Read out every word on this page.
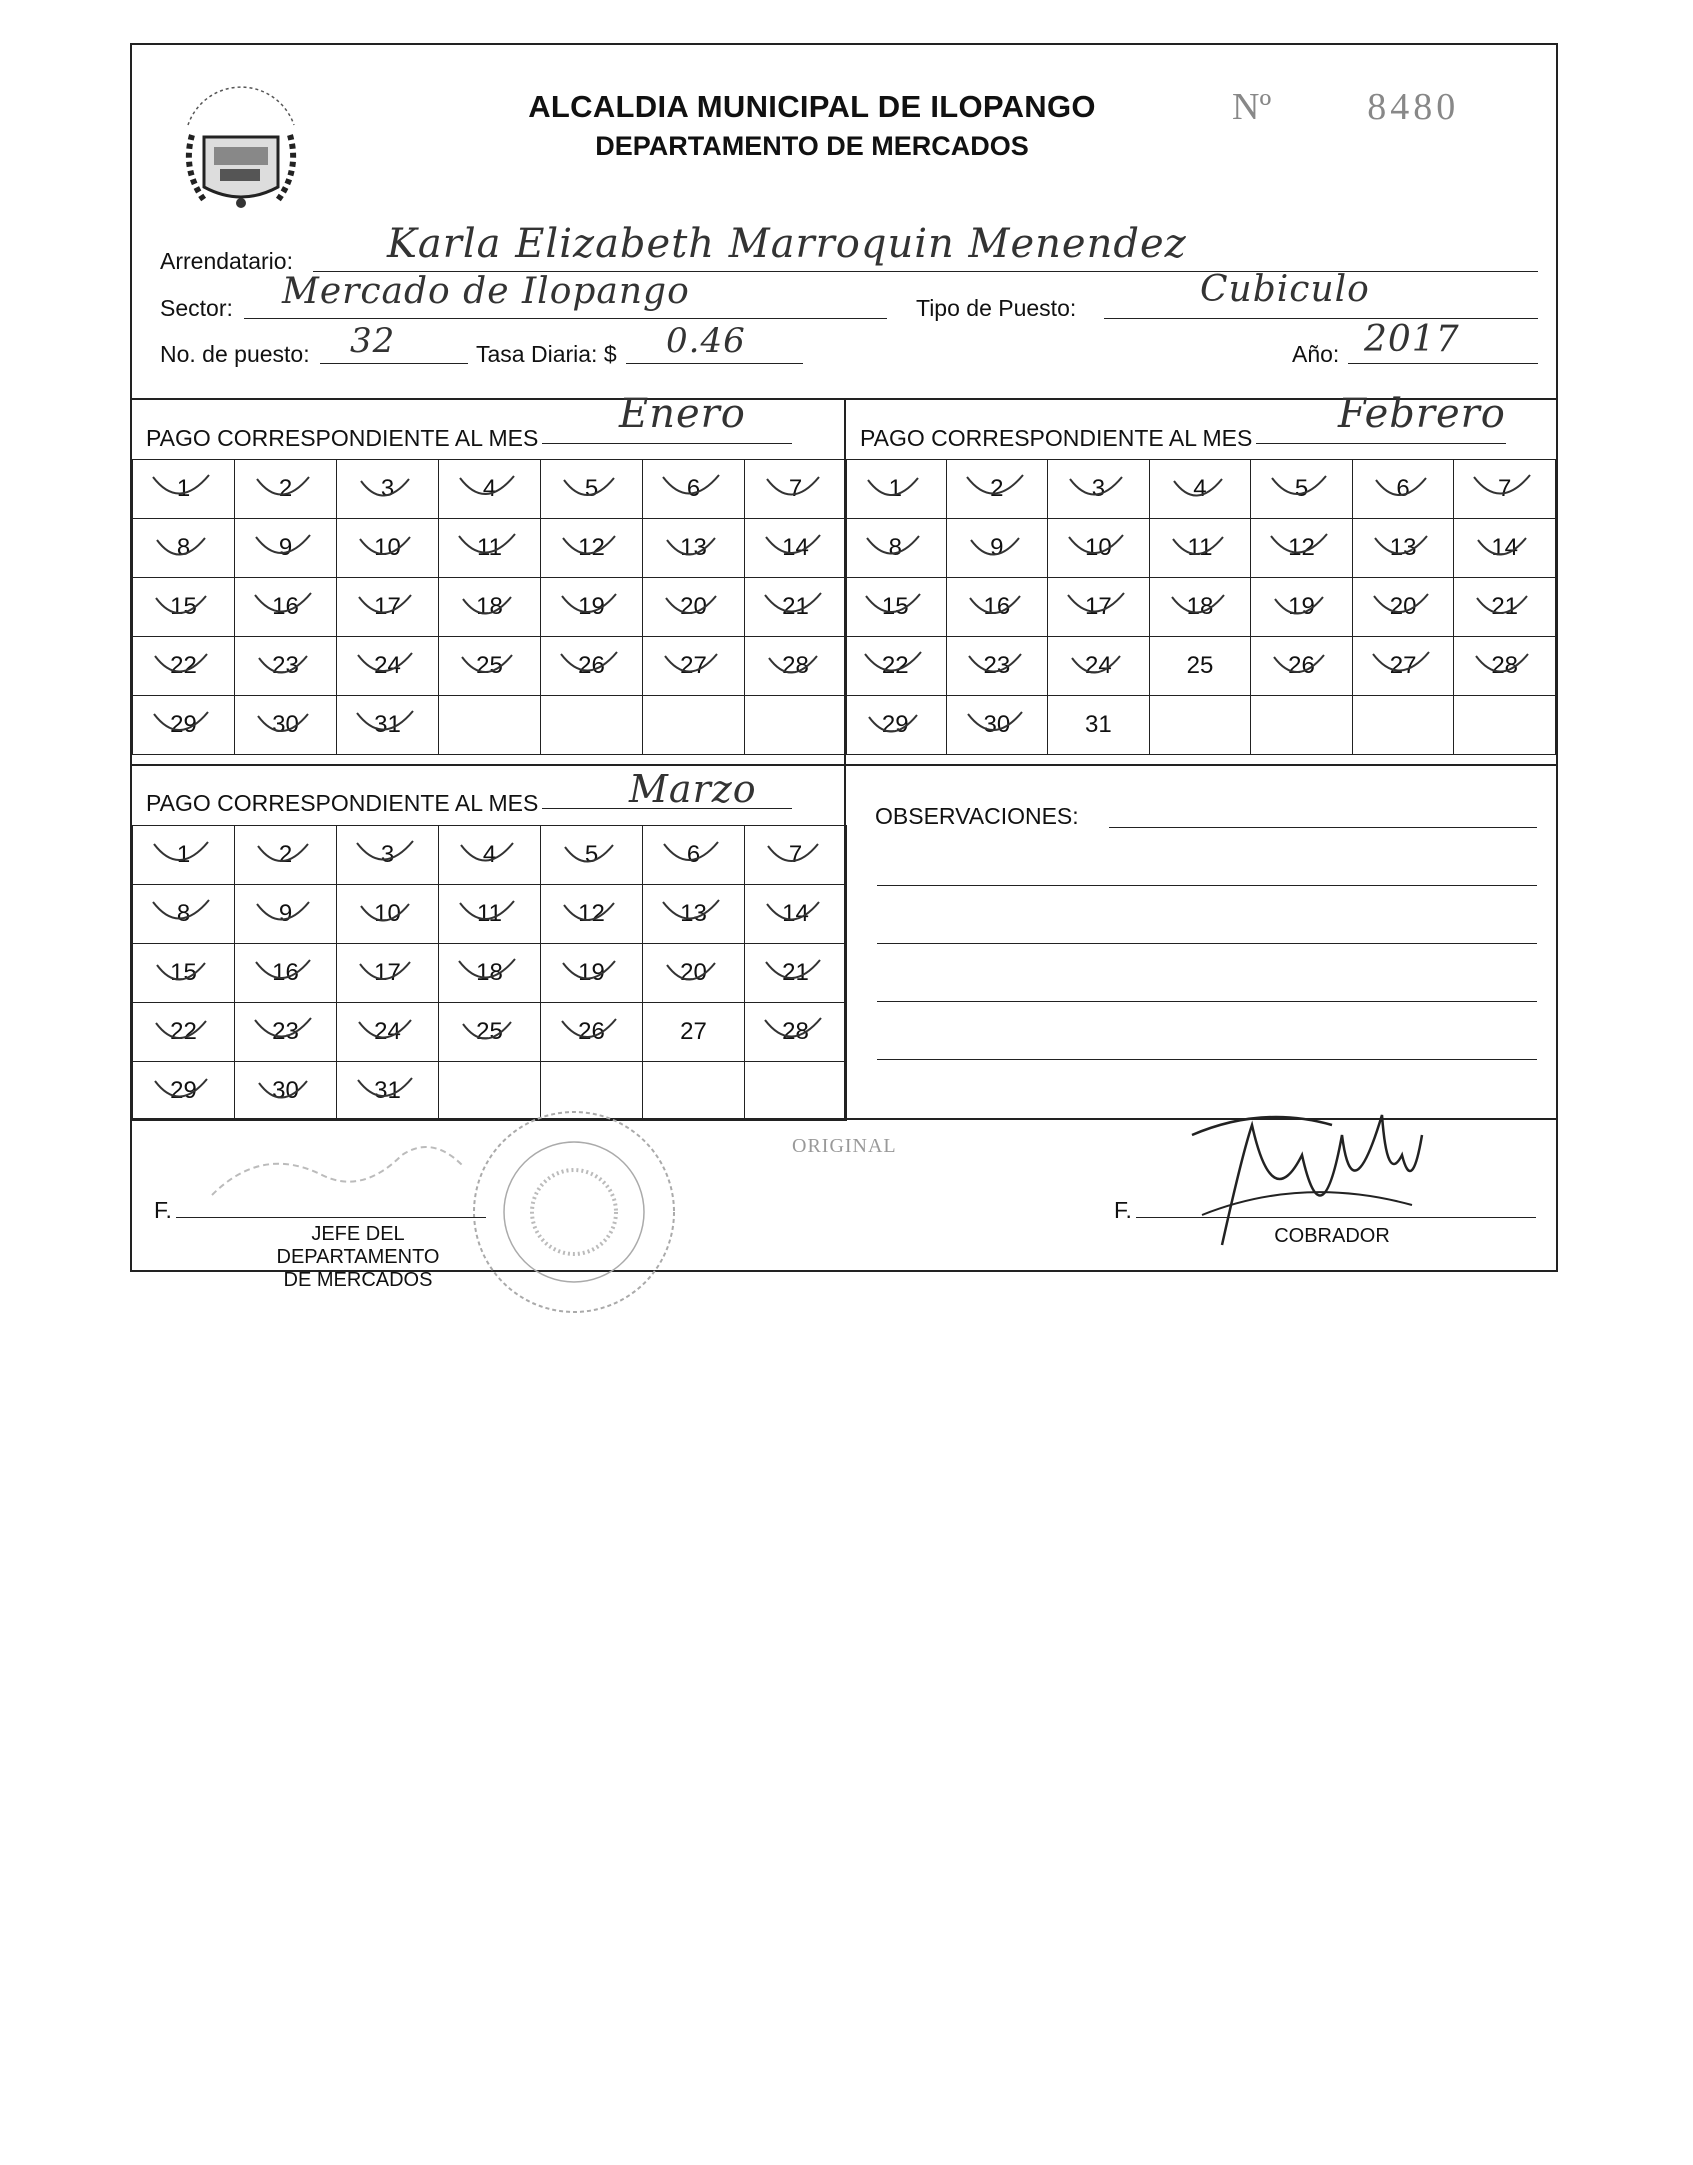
ALCALDIA MUNICIPAL DE ILOPANGO
DEPARTAMENTO DE MERCADOS
Nº	8480
Arrendatario: Karla Elizabeth Marroquin Menendez
Sector: Mercado de Ilopango	Tipo de Puesto:	Cubiculo
No. de puesto: 32	Tasa Diaria: $ 0.46	Año: 2017
PAGO CORRESPONDIENTE AL MES
Enero
PAGO CORRESPONDIENTE AL MES
Febrero
PAGO CORRESPONDIENTE AL MES	Marzo
1	2	3	4	5	6	7

8	9	10	11	12	13	14

15	16	17	18	19	20	21

22	23	24	25	26	27	28

29	30	31

1	2	3	4	5	6	7

8	9	10	11	12	13	14

15	16	17	18	19	20	21

22	23	24	25	26	27	28

29	30	31				
1	2	3	4	5	6	7

8	9	10	11	12	13	14

15	16	17	18	19	20	21

22	23	24	25	26	27	28

29	30	31

OBSERVACIONES:
ORIGINAL
F.
JEFE DEL DEPARTAMENTO
DE MERCADOS
F.
COBRADOR
